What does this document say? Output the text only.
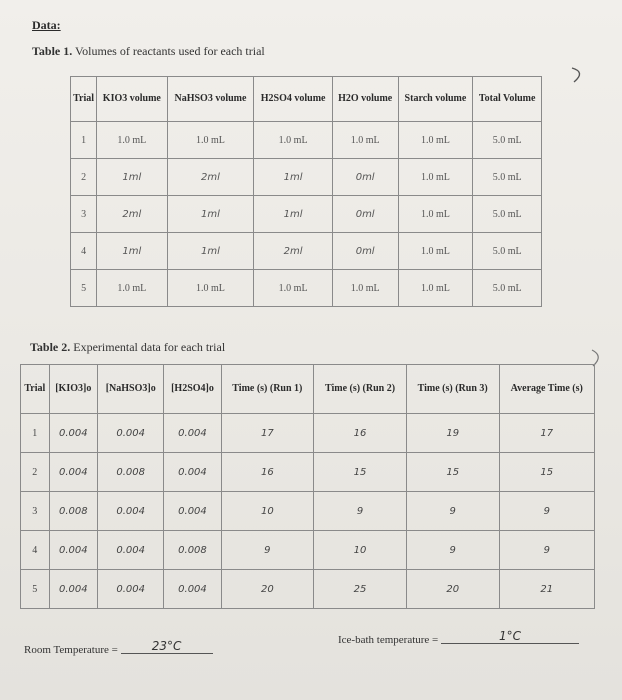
Data:
Table 1. Volumes of reactants used for each trial
Trial	KIO3 volume	NaHSO3 volume	H2SO4 volume	H2O volume	Starch volume	Total Volume
1	1.0 mL	1.0 mL	1.0 mL	1.0 mL	1.0 mL	5.0 mL
2	1ml	2ml	1ml	0ml	1.0 mL	5.0 mL
3	2ml	1ml	1ml	0ml	1.0 mL	5.0 mL
4	1ml	1ml	2ml	0ml	1.0 mL	5.0 mL
5	1.0 mL	1.0 mL	1.0 mL	1.0 mL	1.0 mL	5.0 mL
Table 2. Experimental data for each trial
Trial	[KIO3]o	[NaHSO3]o	[H2SO4]o	Time (s) (Run 1)	Time (s) (Run 2)	Time (s) (Run 3)	Average Time (s)
1	0.004	0.004	0.004	17	16	19	17
2	0.004	0.008	0.004	16	15	15	15
3	0.008	0.004	0.004	10	9	9	9
4	0.004	0.004	0.008	9	10	9	9
5	0.004	0.004	0.004	20	25	20	21
Room Temperature =	23°C	Ice-bath temperature =	1°C
